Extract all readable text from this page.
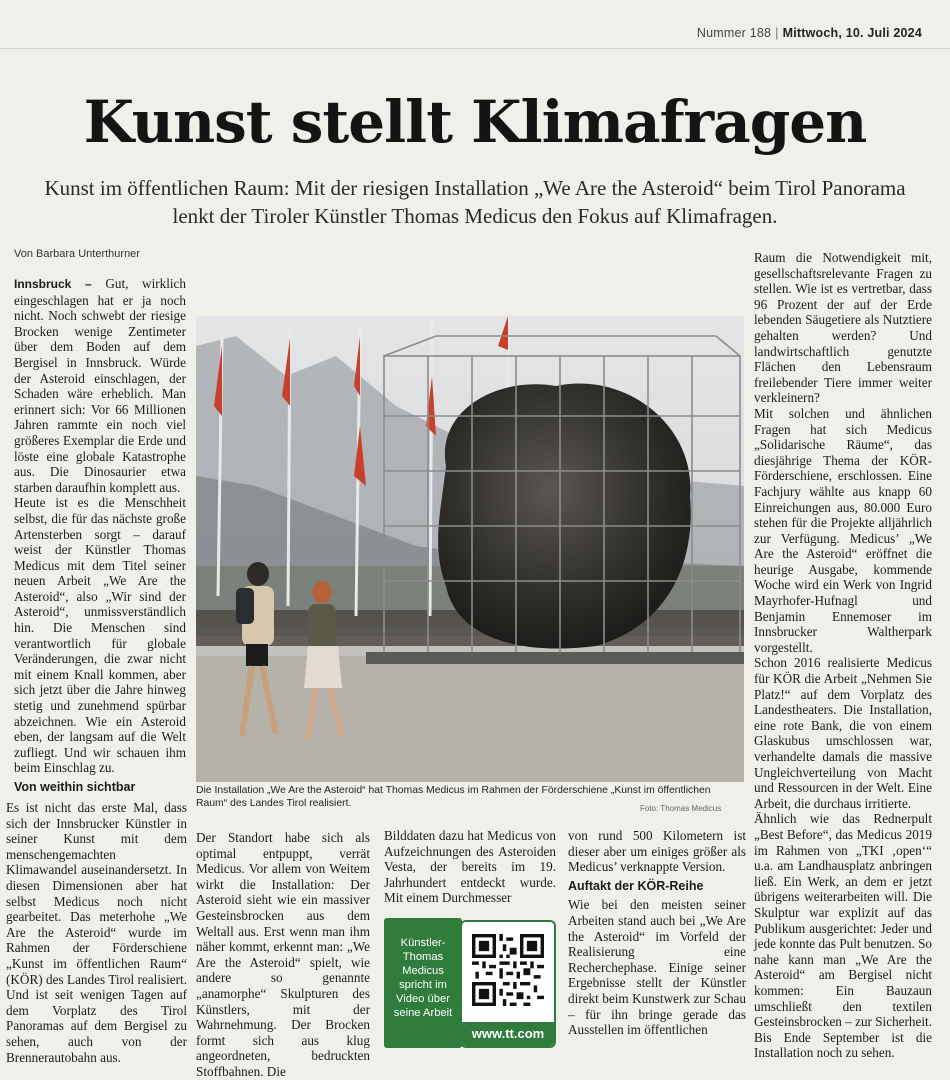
Nummer 188 | Mittwoch, 10. Juli 2024
Kunst stellt Klimafragen
Kunst im öffentlichen Raum: Mit der riesigen Installation „We Are the Asteroid“ beim Tirol Panorama lenkt der Tiroler Künstler Thomas Medicus den Fokus auf Klimafragen.
Von Barbara Unterthurner

Innsbruck – Gut, wirklich eingeschlagen hat er ja noch nicht. Noch schwebt der riesige Brocken wenige Zentimeter über dem Boden auf dem Bergisel in Innsbruck. Würde der Asteroid einschlagen, der Schaden wäre erheblich. Man erinnert sich: Vor 66 Millionen Jahren rammte ein noch viel größeres Exemplar die Erde und löste eine globale Katastrophe aus. Die Dinosaurier etwa starben daraufhin komplett aus.

Heute ist es die Menschheit selbst, die für das nächste große Artensterben sorgt – darauf weist der Künstler Thomas Medicus mit dem Titel seiner neuen Arbeit „We Are the Asteroid“, also „Wir sind der Asteroid“, unmissverständlich hin. Die Menschen sind verantwortlich für globale Veränderungen, die zwar nicht mit einem Knall kommen, aber sich jetzt über die Jahre hinweg stetig und zunehmend spürbar abzeichnen. Wie ein Asteroid eben, der langsam auf die Welt zufliegt. Und wir schauen ihm beim Einschlag zu.

Von weithin sichtbar

Es ist nicht das erste Mal, dass sich der Innsbrucker Künstler in seiner Kunst mit dem menschengemachten Klimawandel auseinandersetzt. In diesen Dimensionen aber hat selbst Medicus noch nicht gearbeitet. Das meterhohe „We Are the Asteroid“ wurde im Rahmen der Förderschiene „Kunst im öffentlichen Raum“ (KÖR) des Landes Tirol realisiert. Und ist seit wenigen Tagen auf dem Vorplatz des Tirol Panoramas auf dem Bergisel zu sehen, auch von der Brennerautobahn aus.

Die Installation „We Are the Asteroid“ hat Thomas Medicus im Rahmen der Förderschiene „Kunst im öffentlichen Raum“ des Landes Tirol realisiert.	Foto: Thomas Medicus

Der Standort habe sich als optimal entpuppt, verrät Medicus. Vor allem von Weitem wirkt die Installation: Der Asteroid sieht wie ein massiver Gesteinsbrocken aus dem Weltall aus. Erst wenn man ihm näher kommt, erkennt man: „We Are the Asteroid“ spielt, wie andere so genannte „anamorphe“ Skulpturen des Künstlers, mit der Wahrnehmung. Der Brocken formt sich aus klug angeordneten, bedruckten Stoffbahnen. Die

Bilddaten dazu hat Medicus von Aufzeichnungen des Asteroiden Vesta, der bereits im 19. Jahrhundert entdeckt wurde. Mit einem Durchmesser

von rund 500 Kilometern ist dieser aber um einiges größer als Medicus’ verknappte Version.

Auftakt der KÖR-Reihe

Wie bei den meisten seiner Arbeiten stand auch bei „We Are the Asteroid“ im Vorfeld der Realisierung eine Recherchephase. Einige seiner Ergebnisse stellt der Künstler direkt beim Kunstwerk zur Schau – für ihn bringe gerade das Ausstellen im öffentlichen

Raum die Notwendigkeit mit, gesellschaftsrelevante Fragen zu stellen. Wie ist es vertretbar, dass 96 Prozent der auf der Erde lebenden Säugetiere als Nutztiere gehalten werden? Und landwirtschaftlich genutzte Flächen den Lebensraum freilebender Tiere immer weiter verkleinern?

Mit solchen und ähnlichen Fragen hat sich Medicus „Solidarische Räume“, das diesjährige Thema der KÖR-Förderschiene, erschlossen. Eine Fachjury wählte aus knapp 60 Einreichungen aus, 80.000 Euro stehen für die Projekte alljährlich zur Verfügung. Medicus’ „We Are the Asteroid“ eröffnet die heurige Ausgabe, kommende Woche wird ein Werk von Ingrid Mayrhofer-Hufnagl und Benjamin Ennemoser im Innsbrucker Waltherpark vorgestellt.

Schon 2016 realisierte Medicus für KÖR die Arbeit „Nehmen Sie Platz!“ auf dem Vorplatz des Landestheaters. Die Installation, eine rote Bank, die von einem Glaskubus umschlossen war, verhandelte damals die massive Ungleichverteilung von Macht und Ressourcen in der Welt. Eine Arbeit, die durchaus irritierte.

Ähnlich wie das Rednerpult „Best Before“, das Medicus 2019 im Rahmen von „TKI ‚open‘“ u.a. am Landhausplatz anbringen ließ. Ein Werk, an dem er jetzt übrigens weiterarbeiten will. Die Skulptur war explizit auf das Publikum ausgerichtet: Jeder und jede konnte das Pult benutzen. So nahe kann man „We Are the Asteroid“ am Bergisel nicht kommen: Ein Bauzaun umschließt den textilen Gesteinsbrocken – zur Sicherheit. Bis Ende September ist die Installation noch zu sehen.

Künstler-Thomas Medicus spricht im Video über seine Arbeit
www.tt.com
